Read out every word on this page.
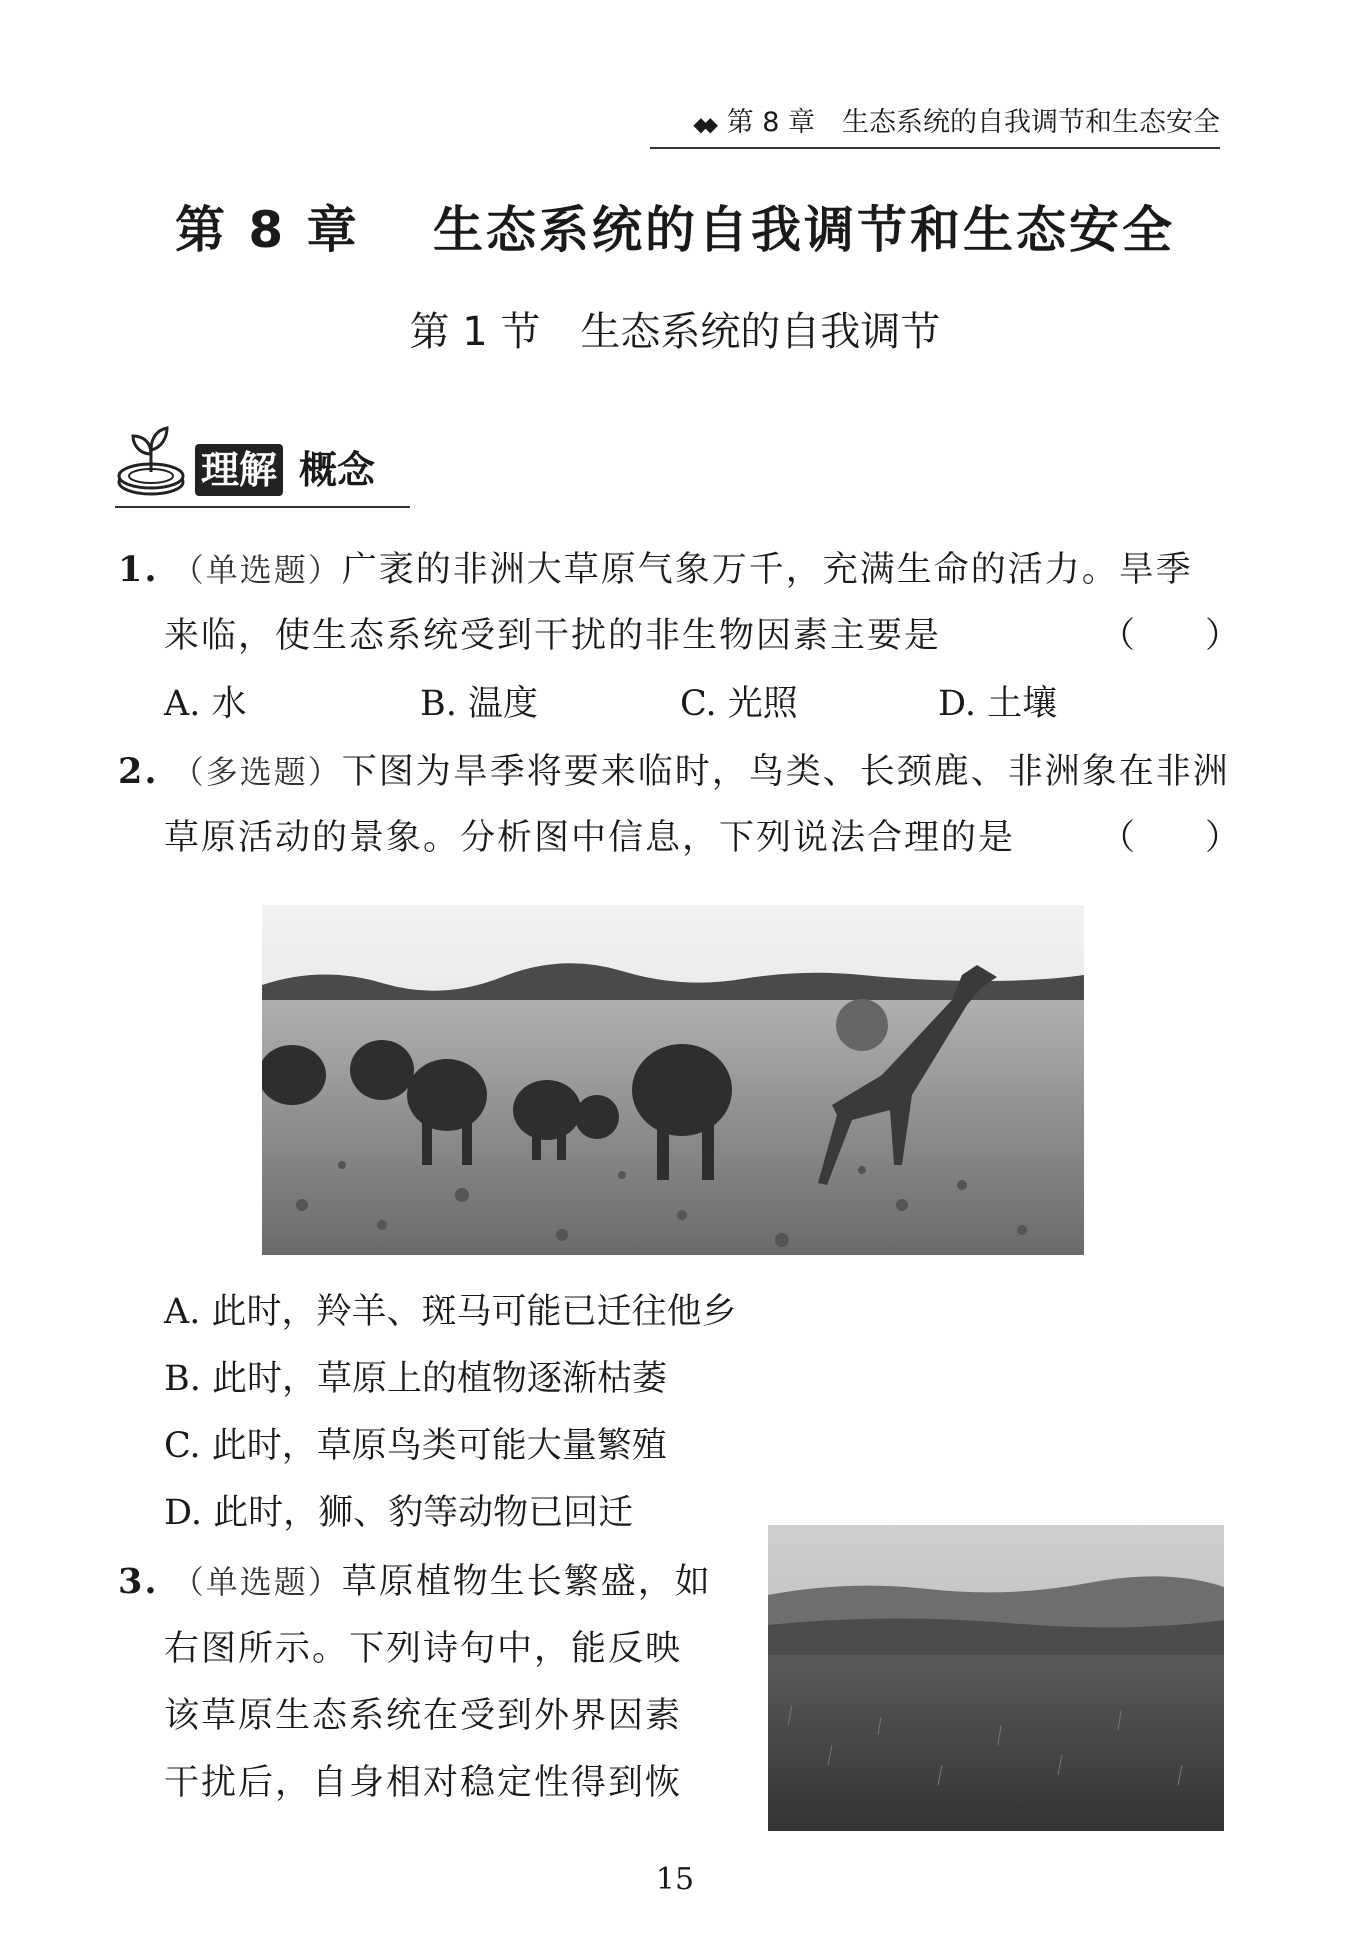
◆◆ 第 8 章　生态系统的自我调节和生态安全
第 8 章　 生态系统的自我调节和生态安全
第 1 节　生态系统的自我调节
理解 概念
1. （单选题）广袤的非洲大草原气象万千，充满生命的活力。旱季
来临，使生态系统受到干扰的非生物因素主要是	（　　）
A. 水	B. 温度	C. 光照	D. 土壤
2. （多选题）下图为旱季将要来临时，鸟类、长颈鹿、非洲象在非洲
草原活动的景象。分析图中信息，下列说法合理的是 （　　）
A. 此时，羚羊、斑马可能已迁往他乡
B. 此时，草原上的植物逐渐枯萎
C. 此时，草原鸟类可能大量繁殖
D. 此时，狮、豹等动物已回迁
3. （单选题）草原植物生长繁盛，如
右图所示。下列诗句中，能反映
该草原生态系统在受到外界因素
干扰后，自身相对稳定性得到恢
15
